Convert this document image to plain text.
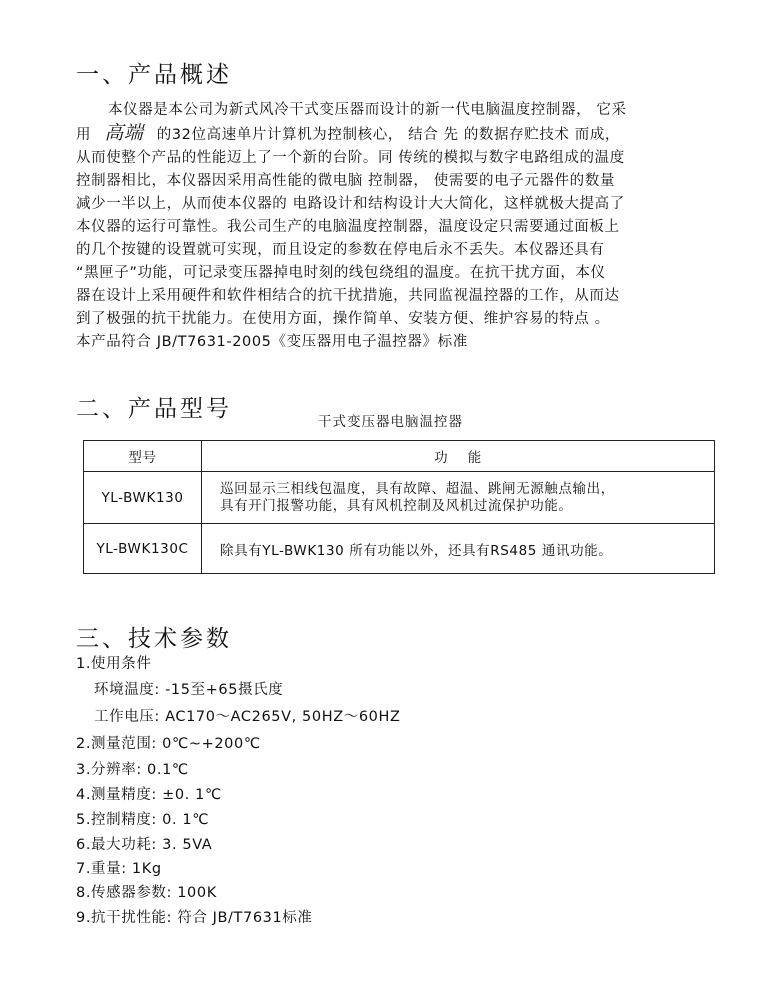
一、产品概述
本仪器是本公司为新式风冷干式变压器而设计的新一代电脑温度控制器， 它采
用 高端 的32位高速单片计算机为控制核心， 结合 先 的数据存贮技术 而成，
从而使整个产品的性能迈上了一个新的台阶。同 传统的模拟与数字电路组成的温度
控制器相比，本仪器因采用高性能的微电脑 控制器， 使需要的电子元器件的数量
减少一半以上，从而使本仪器的 电路设计和结构设计大大简化，这样就极大提高了
本仪器的运行可靠性。我公司生产的电脑温度控制器，温度设定只需要通过面板上
的几个按键的设置就可实现，而且设定的参数在停电后永不丢失。本仪器还具有
“黑匣子”功能，可记录变压器掉电时刻的线包绕组的温度。在抗干扰方面，本仪
器在设计上采用硬件和软件相结合的抗干扰措施，共同监视温控器的工作，从而达
到了极强的抗干扰能力。在使用方面，操作简单、安装方便、维护容易的特点 。
本产品符合 JB/T7631-2005《变压器用电子温控器》标准
二、产品型号	干式变压器电脑温控器
型号	功    能
YL-BWK130	巡回显示三相线包温度，具有故障、超温、跳闸无源触点输出，
具有开门报警功能，具有风机控制及风机过流保护功能。

YL-BWK130C	除具有YL-BWK130 所有功能以外，还具有RS485 通讯功能。
三、技术参数
1.使用条件
环境温度: -15至+65摄氏度
工作电压: AC170～AC265V, 50HZ～60HZ
2.测量范围: 0℃~+200℃
3.分辨率: 0.1℃
4.测量精度: ±0. 1℃
5.控制精度: 0. 1℃
6.最大功耗: 3. 5VA
7.重量: 1Kg
8.传感器参数: 100K
9.抗干扰性能: 符合 JB/T7631标准
